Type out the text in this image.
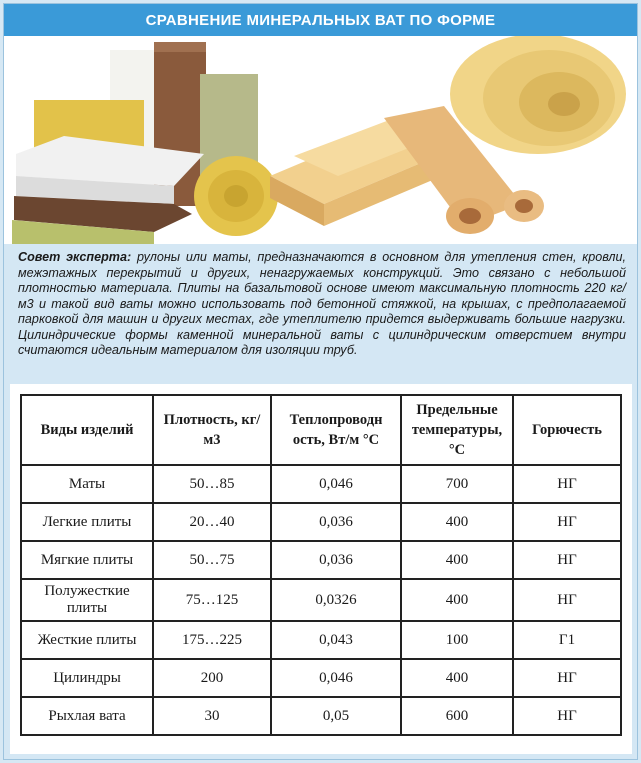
СРАВНЕНИЕ МИНЕРАЛЬНЫХ ВАТ ПО ФОРМЕ
Совет эксперта: рулоны или маты, предназначаются в основном для утепления стен, кровли, межэтажных перекрытий и других, ненагружаемых конструкций. Это связано с небольшой плотностью материала. Плиты на базальтовой основе имеют максимальную плотность 220 кг/м3 и такой вид ваты можно использовать под бетонной стяжкой, на крышах, с предполагаемой парковкой для машин и других местах, где утеплителю придется выдерживать большие нагрузки. Цилиндрические формы каменной минеральной ваты с цилиндрическим отверстием внутри считаются идеальным материалом для изоляции труб.
Виды изделий	Плотность, кг/м3	Теплопроводн ость, Вт/м °С	Предельные температуры, °С	Горючесть
Маты	50…85	0,046	700	НГ
Легкие плиты	20…40	0,036	400	НГ
Мягкие плиты	50…75	0,036	400	НГ
Полужесткие плиты	75…125	0,0326	400	НГ
Жесткие плиты	175…225	0,043	100	Г1
Цилиндры	200	0,046	400	НГ
Рыхлая вата	30	0,05	600	НГ
